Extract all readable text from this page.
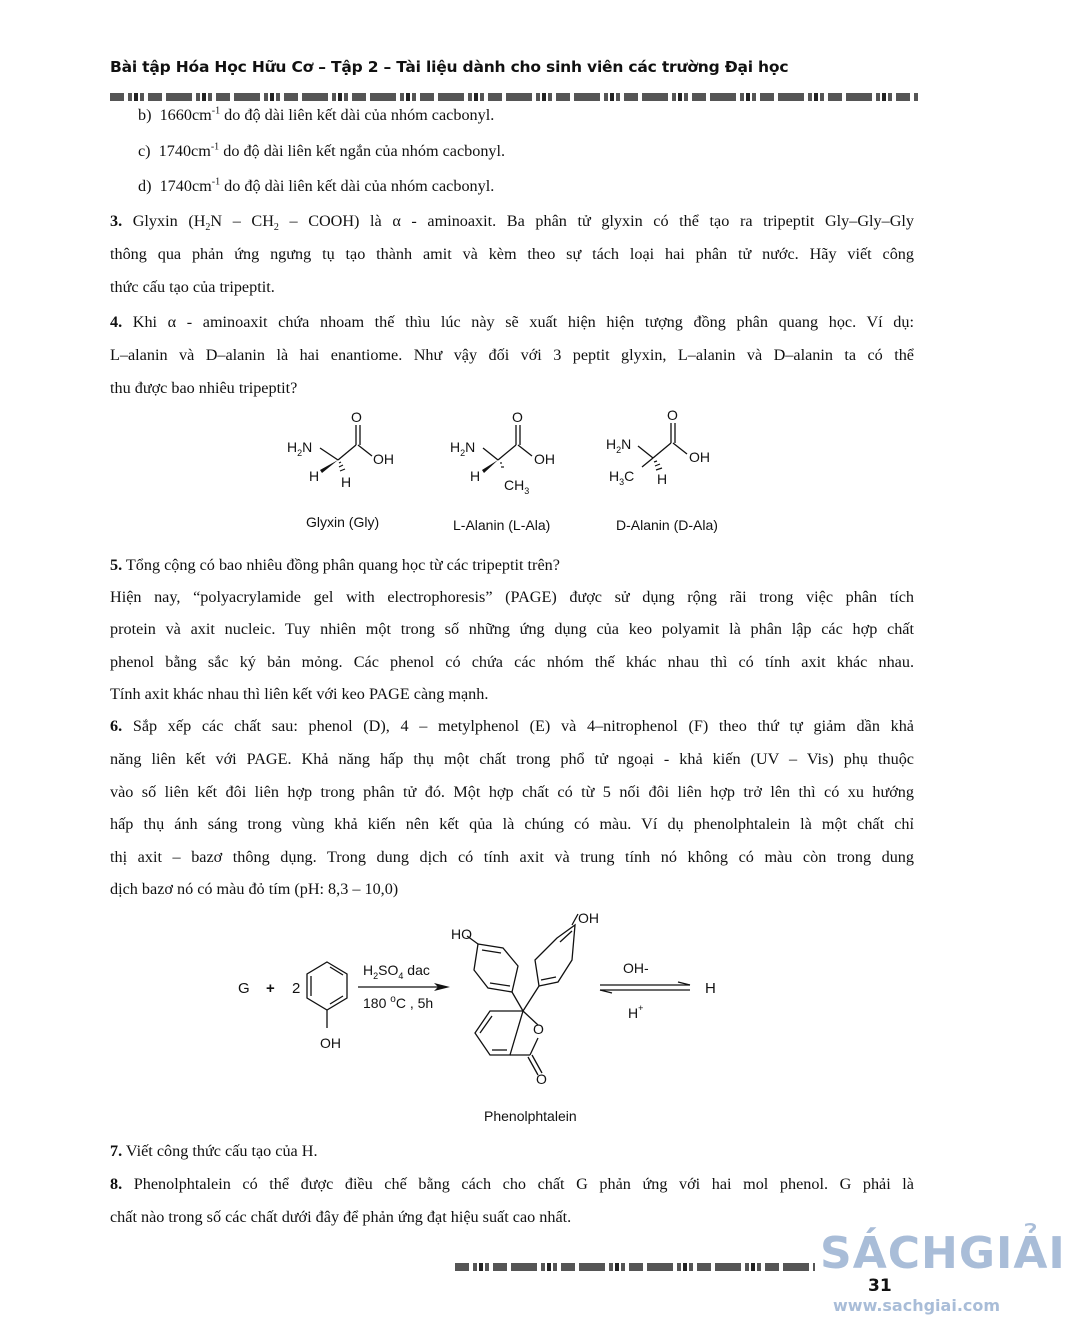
Bài tập Hóa Học Hữu Cơ – Tập 2 – Tài liệu dành cho sinh viên các trường Đại học
b) $1660cm^{-1}$ do độ dài liên kết dài của nhóm cacbonyl.
c) $1740cm^{-1}$ do độ dài liên kết ngắn của nhóm cacbonyl.
d) $1740cm^{-1}$ do độ dài liên kết dài của nhóm cacbonyl.
3. Glyxin ($H_2N - CH_2$ – COOH) là α - aminoaxit. Ba phân tử glyxin có thể tạo ra tripeptit Gly–Gly–Gly
thông qua phản ứng ngưng tụ tạo thành amit và kèm theo sự tách loại hai phân tử nước. Hãy viết công
thức cấu tạo của tripeptit.
4. Khi α - aminoaxit chứa nhoam thế thìu lúc này sẽ xuất hiện hiện tượng đồng phân quang học. Ví dụ:
L–alanin và D–alanin là hai enantiome. Như vậy đối với 3 peptit glyxin, L–alanin và D–alanin ta có thể
thu được bao nhiêu tripeptit?
$H_2N$
O
OH
H H
Glyxin (Gly)
$H_2N$
O
OH
H
$CH_3$
L-Alanin (L-Ala)
$H_2N$
O
OH
$H_3C$ H
D-Alanin (D-Ala)
5. Tổng cộng có bao nhiêu đồng phân quang học từ các tripeptit trên?
Hiện nay, “polyacrylamide gel with electrophoresis” (PAGE) được sử dụng rộng rãi trong việc phân tích
protein và axit nucleic. Tuy nhiên một trong số những ứng dụng của keo polyamit là phân lập các hợp chất
phenol bằng sắc ký bản mỏng. Các phenol có chứa các nhóm thế khác nhau thì có tính axit khác nhau.
Tính axit khác nhau thì liên kết với keo PAGE càng mạnh.
6. Sắp xếp các chất sau: phenol (D), 4 – metylphenol (E) và 4–nitrophenol (F) theo thứ tự giảm dần khả
năng liên kết với PAGE. Khả năng hấp thụ một chất trong phổ tử ngoại - khả kiến (UV – Vis) phụ thuộc
vào số liên kết đôi liên hợp trong phân tử đó. Một hợp chất có từ 5 nối đôi liên hợp trở lên thì có xu hướng
hấp thụ ánh sáng trong vùng khả kiến nên kết qủa là chúng có màu. Ví dụ phenolphtalein là một chất chỉ
thị axit – bazơ thông dụng. Trong dung dịch có tính axit và trung tính nó không có màu còn trong dung
dịch bazơ nó có màu đỏ tím (pH: 8,3 – 10,0)
G + 2
OH
$H_2SO_4$ dac
180 $^o$C , 5h
HO
OH
O
O
Phenolphtalein
OH-
H+
H
7. Viết công thức cấu tạo của H.
8. Phenolphtalein có thể được điều chế bằng cách cho chất G phản ứng với hai mol phenol. G phải là
chất nào trong số các chất dưới đây để phản ứng đạt hiệu suất cao nhất.
SÁCHGIẢI
31
www.sachgiai.com
